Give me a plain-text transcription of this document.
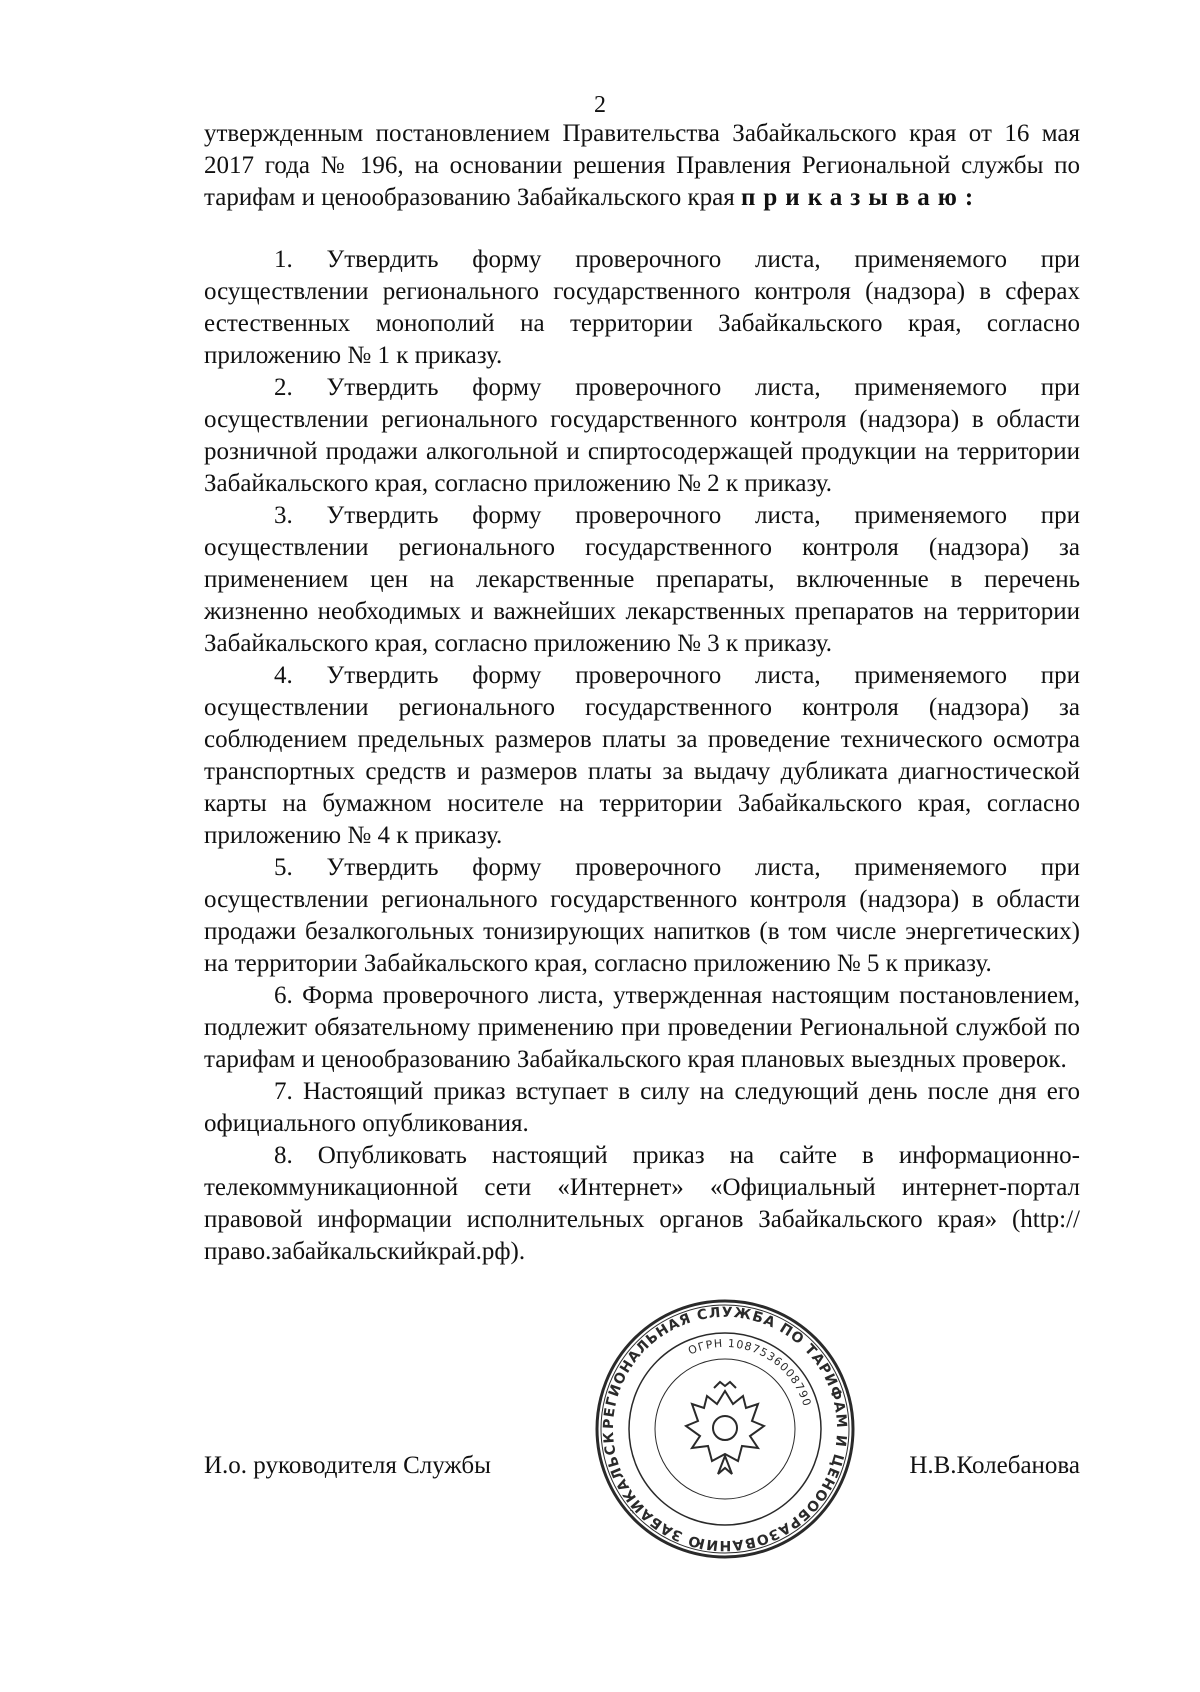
2

утвержденным постановлением Правительства Забайкальского края от 16 мая 2017 года № 196, на основании решения Правления Региональной службы по тарифам и ценообразованию Забайкальского края приказываю:

1. Утвердить форму проверочного листа, применяемого при осуществлении регионального государственного контроля (надзора) в сферах естественных монополий на территории Забайкальского края, согласно приложению № 1 к приказу.

2. Утвердить форму проверочного листа, применяемого при осуществлении регионального государственного контроля (надзора) в области розничной продажи алкогольной и спиртосодержащей продукции на территории Забайкальского края, согласно приложению № 2 к приказу.

3. Утвердить форму проверочного листа, применяемого при осуществлении регионального государственного контроля (надзора) за применением цен на лекарственные препараты, включенные в перечень жизненно необходимых и важнейших лекарственных препаратов на территории Забайкальского края, согласно приложению № 3 к приказу.

4. Утвердить форму проверочного листа, применяемого при осуществлении регионального государственного контроля (надзора) за соблюдением предельных размеров платы за проведение технического осмотра транспортных средств и размеров платы за выдачу дубликата диагностической карты на бумажном носителе на территории Забайкальского края, согласно приложению № 4 к приказу.

5. Утвердить форму проверочного листа, применяемого при осуществлении регионального государственного контроля (надзора) в области продажи безалкогольных тонизирующих напитков (в том числе энергетических) на территории Забайкальского края, согласно приложению № 5 к приказу.

6. Форма проверочного листа, утвержденная настоящим постановлением, подлежит обязательному применению при проведении Региональной службой по тарифам и ценообразованию Забайкальского края плановых выездных проверок.

7. Настоящий приказ вступает в силу на следующий день после дня его официального опубликования.

8. Опубликовать настоящий приказ на сайте в информационно-телекоммуникационной сети «Интернет» «Официальный интернет-портал правовой информации исполнительных органов Забайкальского края» (http://право.забайкальскийкрай.рф).

РЕГИОНАЛЬНАЯ СЛУЖБА ПО ТАРИФАМ И ЦЕНООБРАЗОВАНИЮ ЗАБАЙКАЛЬСК
ОГРН 1087536008790
И.о. руководителя Службы	Н.В.Колебанова
